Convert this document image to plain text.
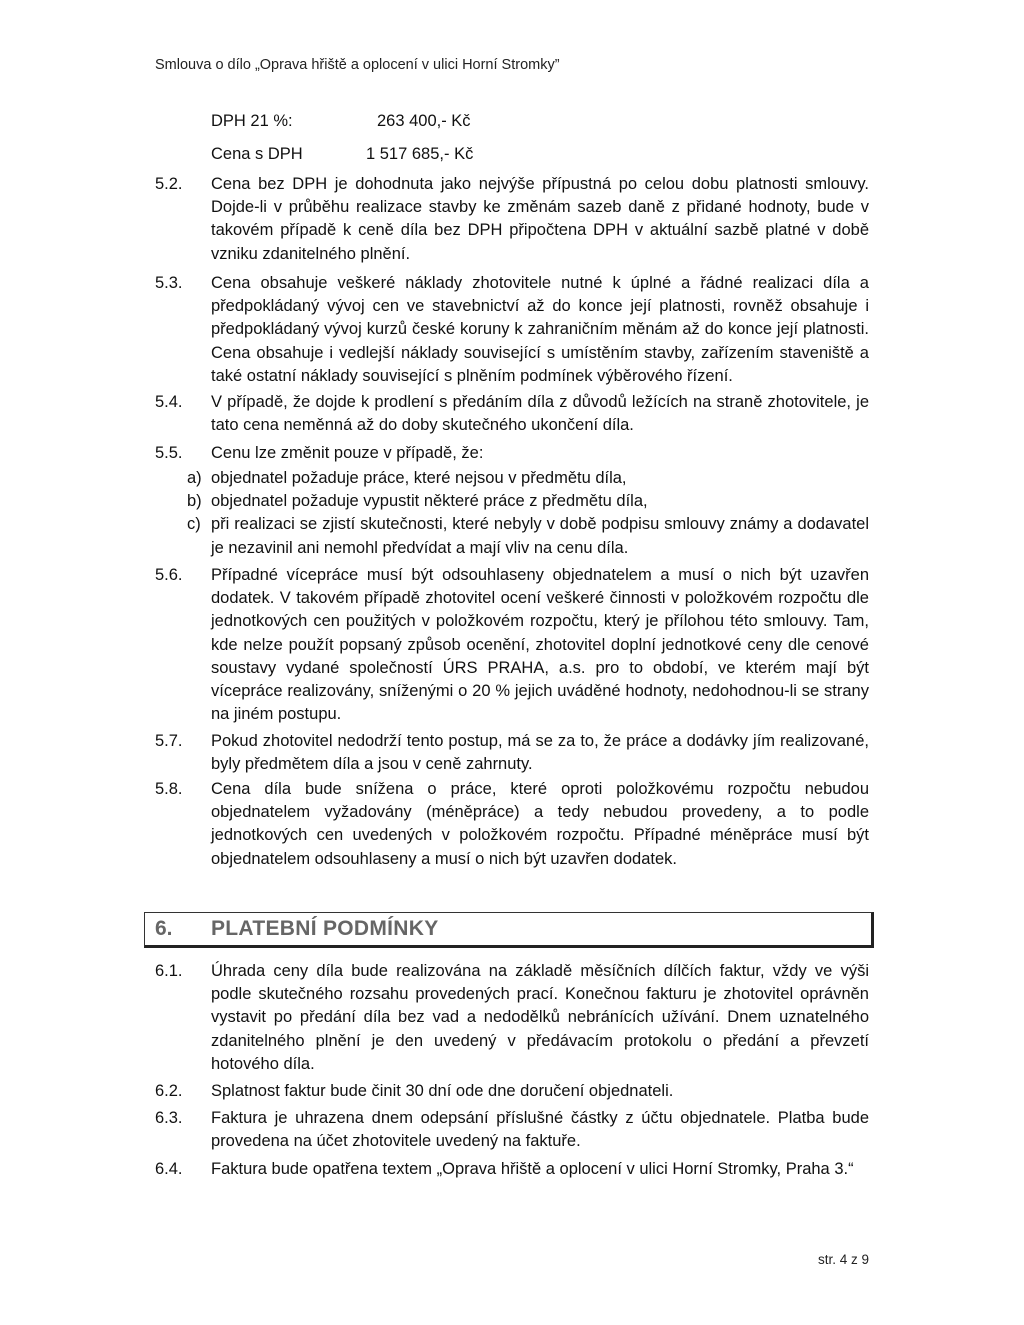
Smlouva o dílo „Oprava hřiště a oplocení v ulici Horní Stromky”
DPH 21 %:	263 400,- Kč
Cena s DPH	1 517 685,- Kč
5.2. Cena bez DPH je dohodnuta jako nejvýše přípustná po celou dobu platnosti smlouvy. Dojde-li v průběhu realizace stavby ke změnám sazeb daně z přidané hodnoty, bude v takovém případě k ceně díla bez DPH připočtena DPH v aktuální sazbě platné v době vzniku zdanitelného plnění.
5.3. Cena obsahuje veškeré náklady zhotovitele nutné k úplné a řádné realizaci díla a předpokládaný vývoj cen ve stavebnictví až do konce její platnosti, rovněž obsahuje i předpokládaný vývoj kurzů české koruny k zahraničním měnám až do konce její platnosti. Cena obsahuje i vedlejší náklady související s umístěním stavby, zařízením staveniště a také ostatní náklady související s plněním podmínek výběrového řízení.
5.4. V případě, že dojde k prodlení s předáním díla z důvodů ležících na straně zhotovitele, je tato cena neměnná až do doby skutečného ukončení díla.
5.5. Cenu lze změnit pouze v případě, že:
a) objednatel požaduje práce, které nejsou v předmětu díla,
b) objednatel požaduje vypustit některé práce z předmětu díla,
c) při realizaci se zjistí skutečnosti, které nebyly v době podpisu smlouvy známy a dodavatel je nezavinil ani nemohl předvídat a mají vliv na cenu díla.
5.6. Případné vícepráce musí být odsouhlaseny objednatelem a musí o nich být uzavřen dodatek. V takovém případě zhotovitel ocení veškeré činnosti v položkovém rozpočtu dle jednotkových cen použitých v položkovém rozpočtu, který je přílohou této smlouvy. Tam, kde nelze použít popsaný způsob ocenění, zhotovitel doplní jednotkové ceny dle cenové soustavy vydané společností ÚRS PRAHA, a.s. pro to období, ve kterém mají být vícepráce realizovány, sníženými o 20 % jejich uváděné hodnoty, nedohodnou-li se strany na jiném postupu.
5.7. Pokud zhotovitel nedodrží tento postup, má se za to, že práce a dodávky jím realizované, byly předmětem díla a jsou v ceně zahrnuty.
5.8. Cena díla bude snížena o práce, které oproti položkovému rozpočtu nebudou objednatelem vyžadovány (méněpráce) a tedy nebudou provedeny, a to podle jednotkových cen uvedených v položkovém rozpočtu. Případné méněpráce musí být objednatelem odsouhlaseny a musí o nich být uzavřen dodatek.
6. PLATEBNÍ PODMÍNKY
6.1. Úhrada ceny díla bude realizována na základě měsíčních dílčích faktur, vždy ve výši podle skutečného rozsahu provedených prací. Konečnou fakturu je zhotovitel oprávněn vystavit po předání díla bez vad a nedodělků nebránících užívání. Dnem uznatelného zdanitelného plnění je den uvedený v předávacím protokolu o předání a převzetí hotového díla.
6.2. Splatnost faktur bude činit 30 dní ode dne doručení objednateli.
6.3. Faktura je uhrazena dnem odepsání příslušné částky z účtu objednatele. Platba bude provedena na účet zhotovitele uvedený na faktuře.
6.4. Faktura bude opatřena textem „Oprava hřiště a oplocení v ulici Horní Stromky, Praha 3.“
str. 4 z 9
